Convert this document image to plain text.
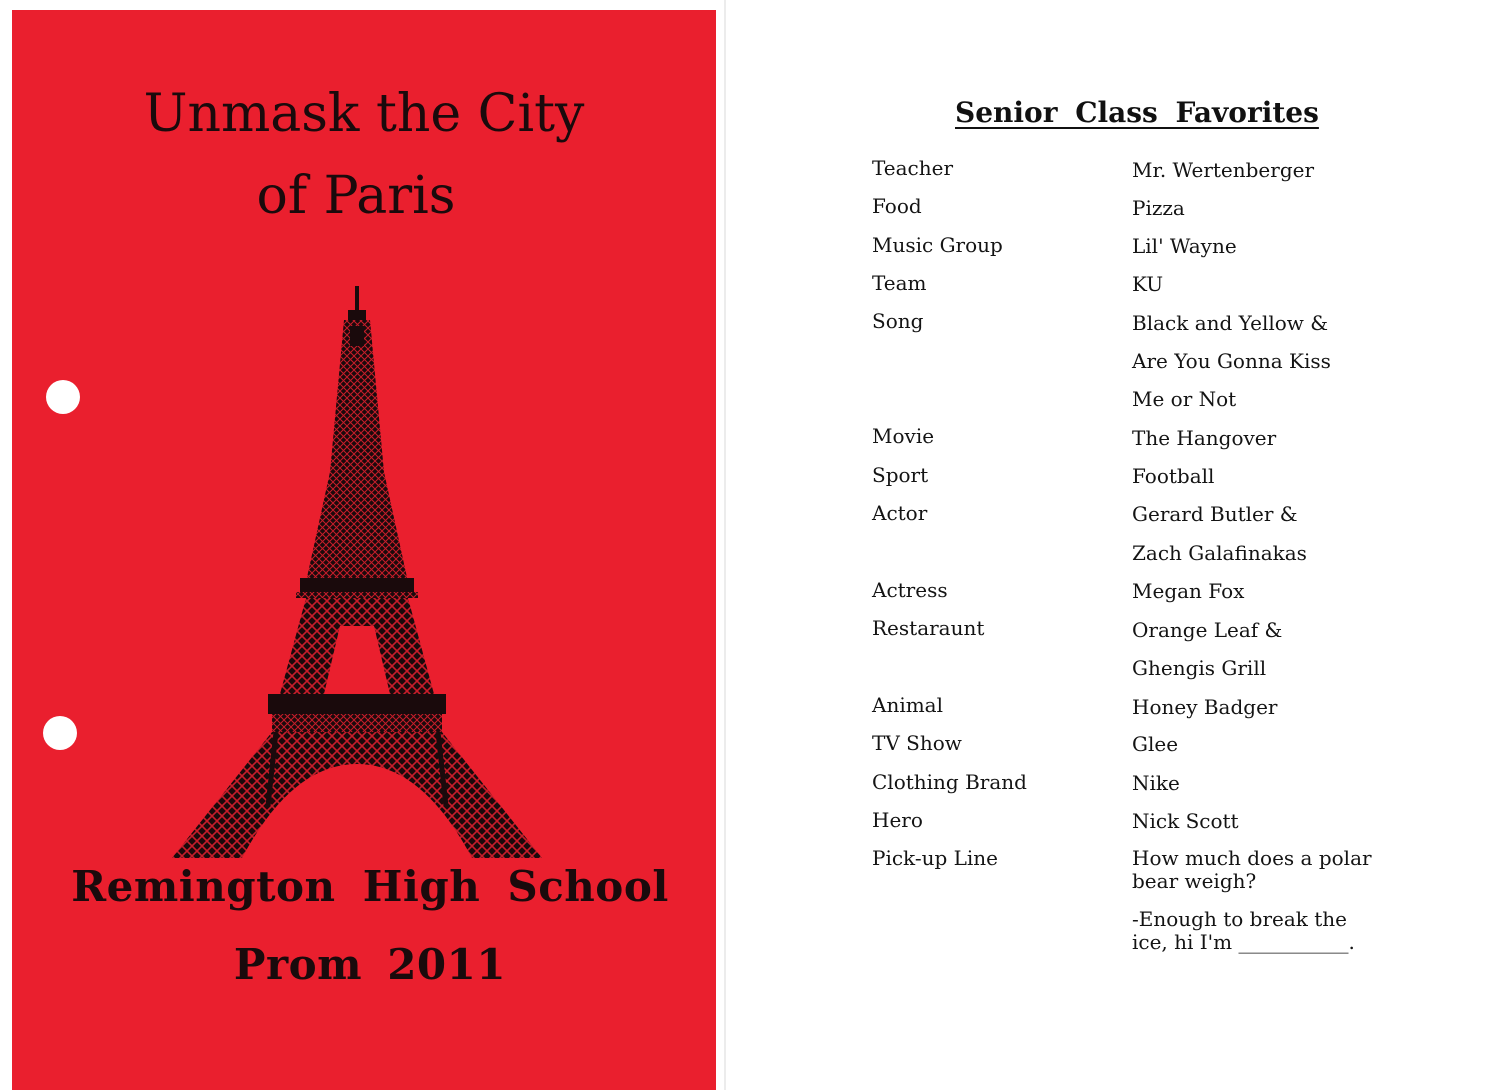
Unmask the City
of Paris
Remington High School
Prom 2011
Senior Class Favorites
Teacher	Mr. Wertenberger
Food	Pizza
Music Group	Lil' Wayne
Team	KU
Song	Black and Yellow &
Are You Gonna Kiss
Me or Not
Movie	The Hangover
Sport	Football
Actor	Gerard Butler &
Zach Galafinakas
Actress	Megan Fox
Restaraunt	Orange Leaf &
Ghengis Grill
Animal	Honey Badger
TV Show	Glee
Clothing Brand	Nike
Hero	Nick Scott
Pick-up Line	How much does a polar bear weigh?
-Enough to break the ice, hi I'm ___________.
